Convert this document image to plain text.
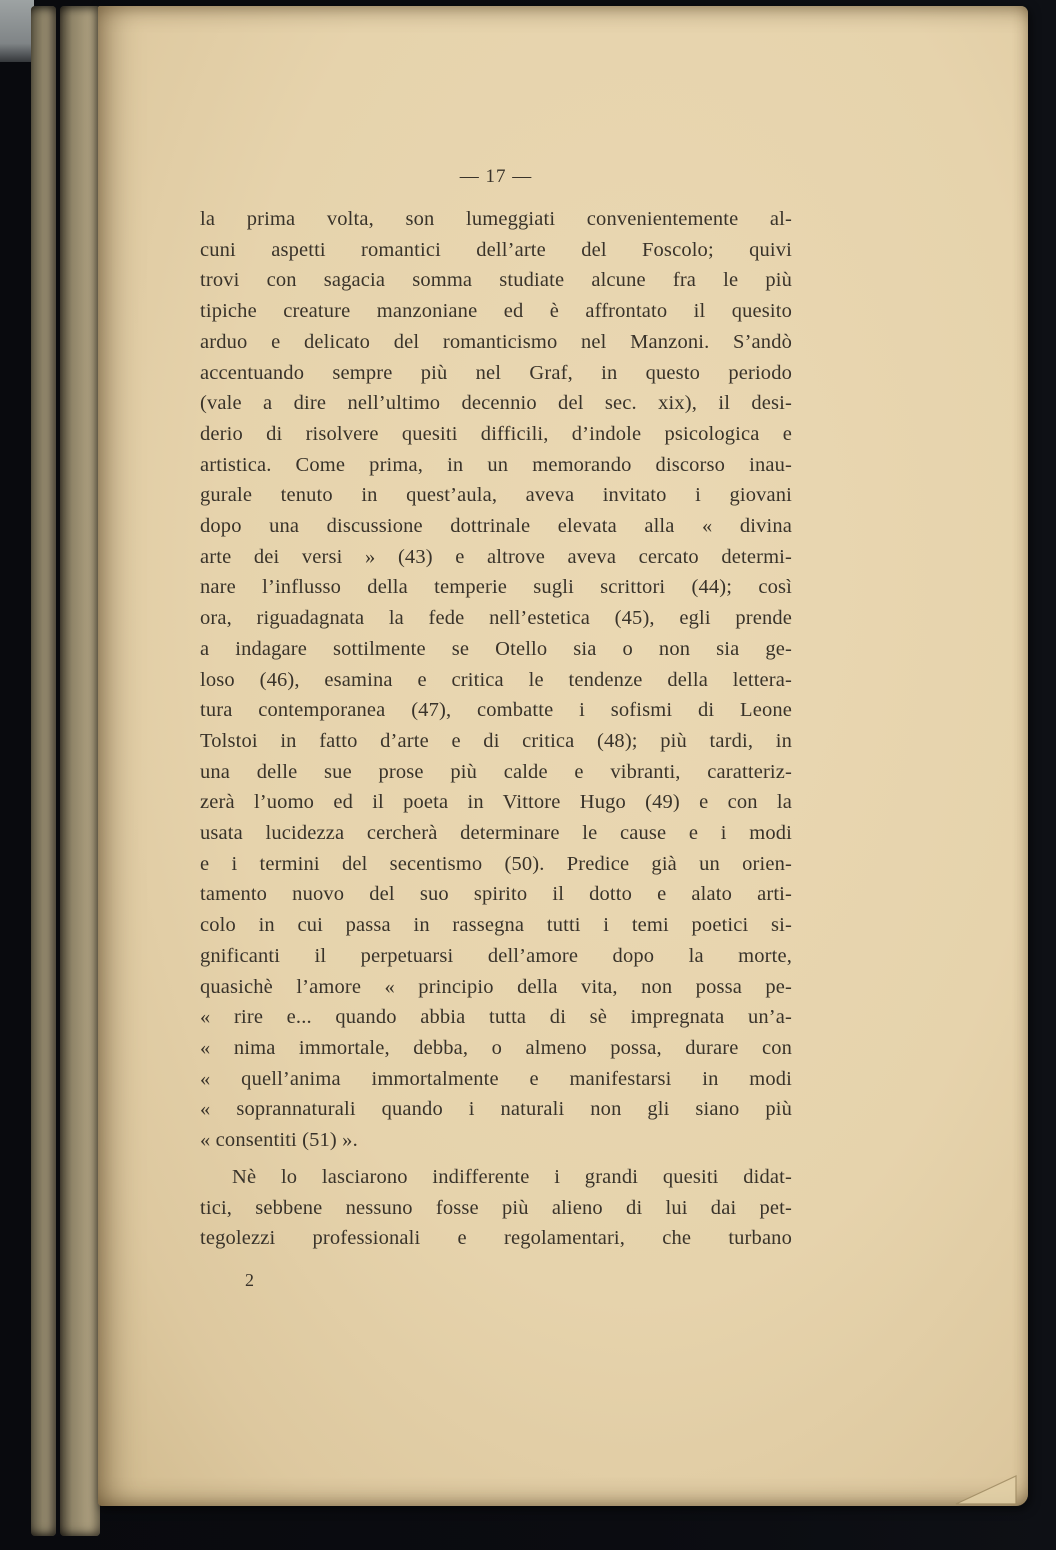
— 17 —
la prima volta, son lumeggiati convenientemente al-
cuni aspetti romantici dell’arte del Foscolo; quivi
trovi con sagacia somma studiate alcune fra le più
tipiche creature manzoniane ed è affrontato il quesito
arduo e delicato del romanticismo nel Manzoni. S’andò
accentuando sempre più nel Graf, in questo periodo
(vale a dire nell’ultimo decennio del sec. xix), il desi-
derio di risolvere quesiti difficili, d’indole psicologica e
artistica. Come prima, in un memorando discorso inau-
gurale tenuto in quest’aula, aveva invitato i giovani
dopo una discussione dottrinale elevata alla « divina
arte dei versi » (43) e altrove aveva cercato determi-
nare l’influsso della temperie sugli scrittori (44); così
ora, riguadagnata la fede nell’estetica (45), egli prende
a indagare sottilmente se Otello sia o non sia ge-
loso (46), esamina e critica le tendenze della lettera-
tura contemporanea (47), combatte i sofismi di Leone
Tolstoi in fatto d’arte e di critica (48); più tardi, in
una delle sue prose più calde e vibranti, caratteriz-
zerà l’uomo ed il poeta in Vittore Hugo (49) e con la
usata lucidezza cercherà determinare le cause e i modi
e i termini del secentismo (50). Predice già un orien-
tamento nuovo del suo spirito il dotto e alato arti-
colo in cui passa in rassegna tutti i temi poetici si-
gnificanti il perpetuarsi dell’amore dopo la morte,
quasichè l’amore « principio della vita, non possa pe-
« rire e... quando abbia tutta di sè impregnata un’a-
« nima immortale, debba, o almeno possa, durare con
« quell’anima immortalmente e manifestarsi in modi
« soprannaturali quando i naturali non gli siano più
« consentiti (51) ».
Nè lo lasciarono indifferente i grandi quesiti didat-
tici, sebbene nessuno fosse più alieno di lui dai pet-
tegolezzi professionali e regolamentari, che turbano
2
